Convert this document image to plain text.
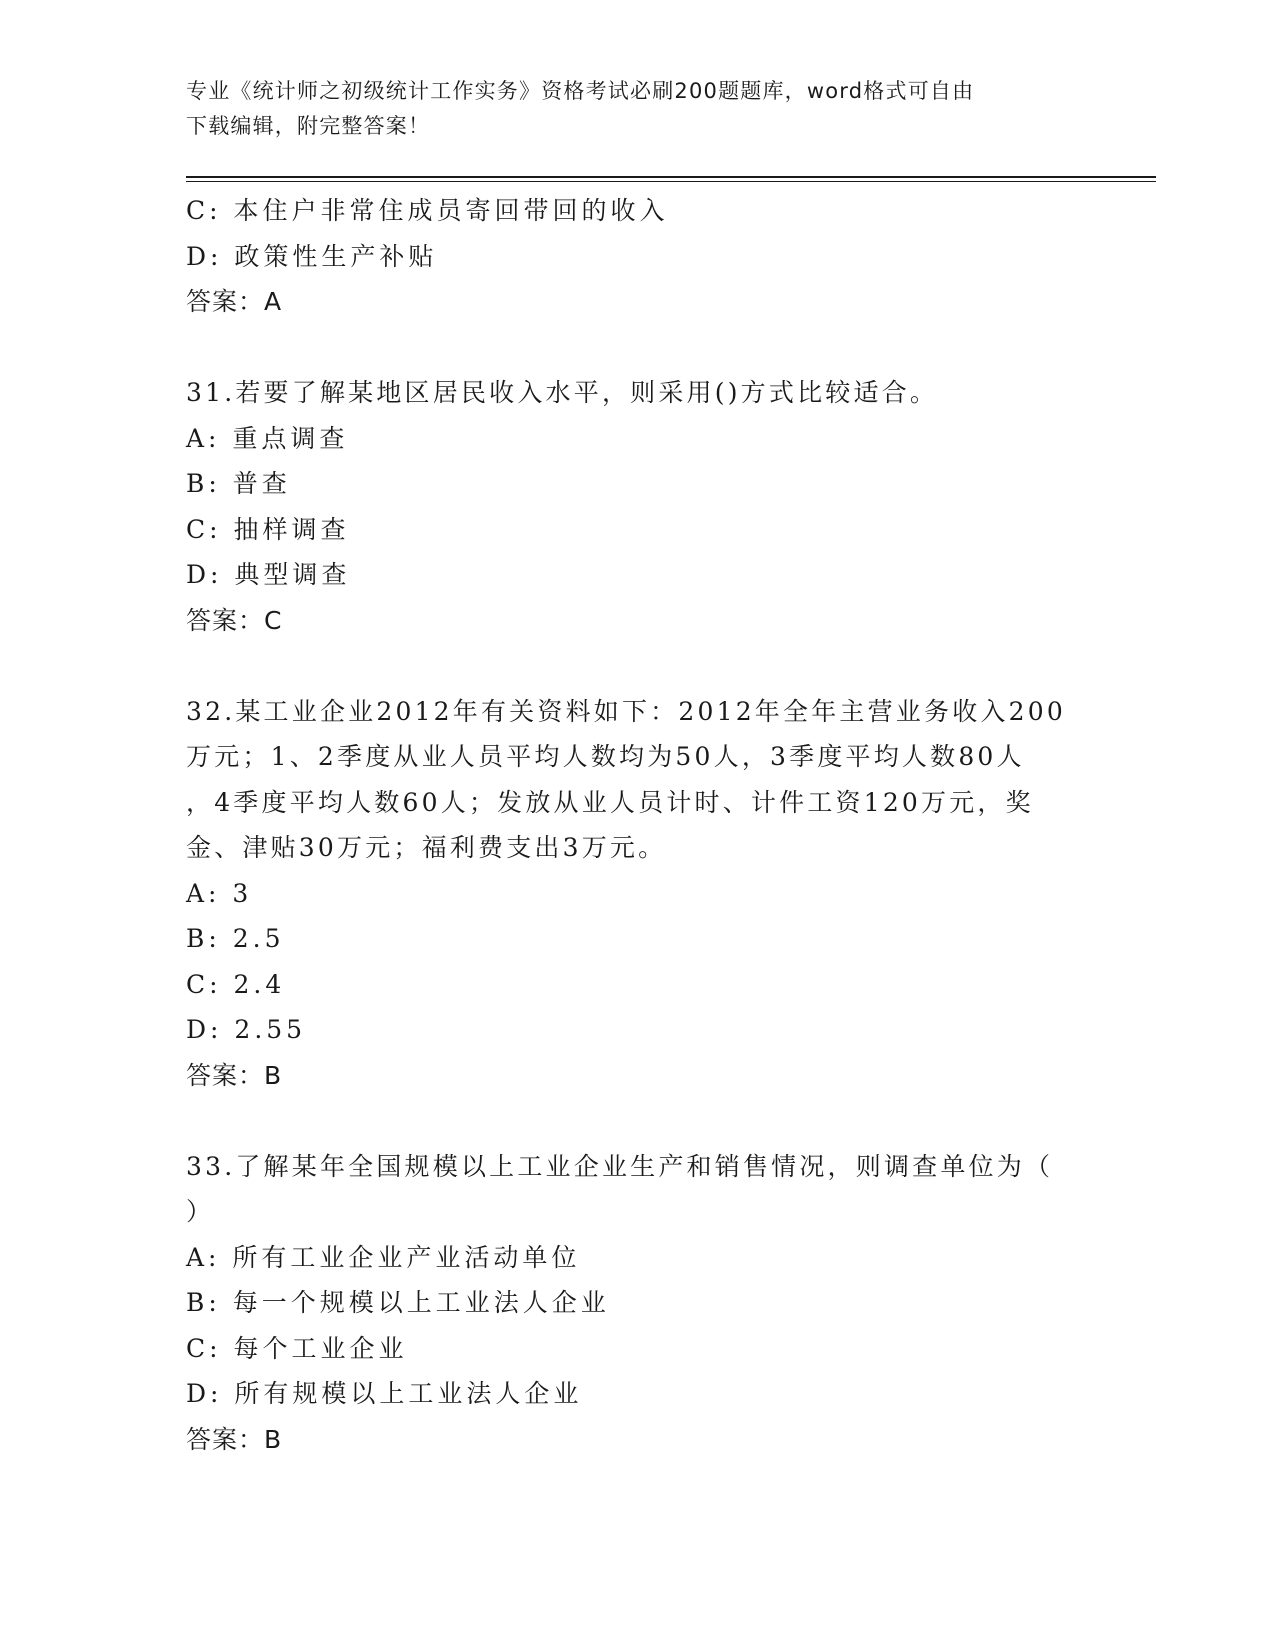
专业《统计师之初级统计工作实务》资格考试必刷200题题库，word格式可自由
下载编辑，附完整答案！
C: 本住户非常住成员寄回带回的收入
D: 政策性生产补贴
答案：A
31.若要了解某地区居民收入水平，则采用()方式比较适合。
A: 重点调查
B: 普查
C: 抽样调查
D: 典型调查
答案：C
32.某工业企业2012年有关资料如下：2012年全年主营业务收入200
万元；1、2季度从业人员平均人数均为50人，3季度平均人数80人
，4季度平均人数60人；发放从业人员计时、计件工资120万元，奖
金、津贴30万元；福利费支出3万元。
A: 3
B: 2.5
C: 2.4
D: 2.55
答案：B
33.了解某年全国规模以上工业企业生产和销售情况，则调查单位为（
）
A: 所有工业企业产业活动单位
B: 每一个规模以上工业法人企业
C: 每个工业企业
D: 所有规模以上工业法人企业
答案：B
